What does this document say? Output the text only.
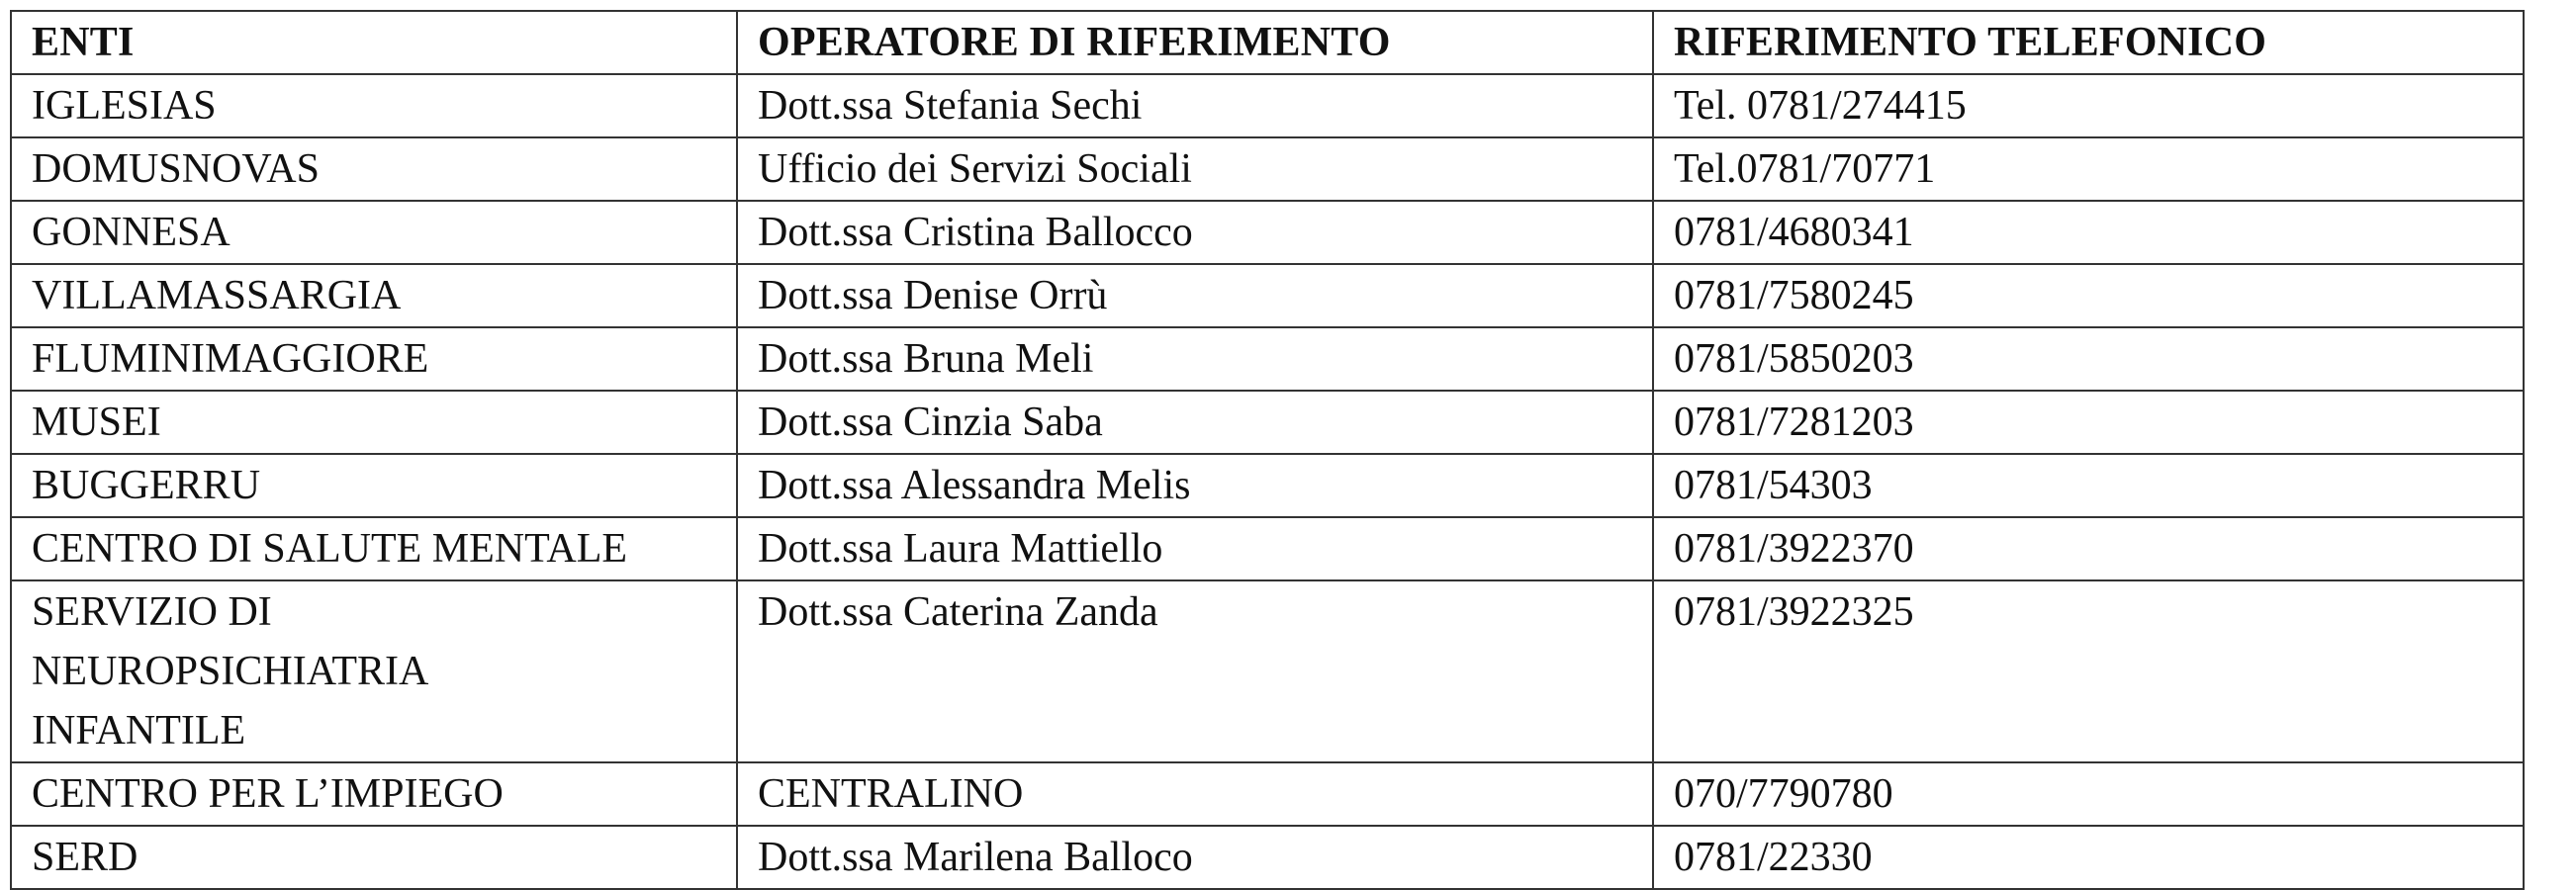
ENTI	OPERATORE DI RIFERIMENTO	RIFERIMENTO TELEFONICO
IGLESIAS	Dott.ssa Stefania Sechi	Tel. 0781/274415
DOMUSNOVAS	Ufficio dei Servizi Sociali	Tel.0781/70771
GONNESA	Dott.ssa Cristina Ballocco	0781/4680341
VILLAMASSARGIA	Dott.ssa Denise Orrù	0781/7580245
FLUMINIMAGGIORE	Dott.ssa Bruna Meli	0781/5850203
MUSEI	Dott.ssa Cinzia Saba	0781/7281203
BUGGERRU	Dott.ssa Alessandra Melis	0781/54303
CENTRO DI SALUTE MENTALE	Dott.ssa Laura Mattiello	0781/3922370

SERVIZIO DI
NEUROPSICHIATRIA
INFANTILE	Dott.ssa Caterina Zanda	0781/3922325
CENTRO PER L’IMPIEGO	CENTRALINO	070/7790780
SERD	Dott.ssa Marilena Balloco	0781/22330
